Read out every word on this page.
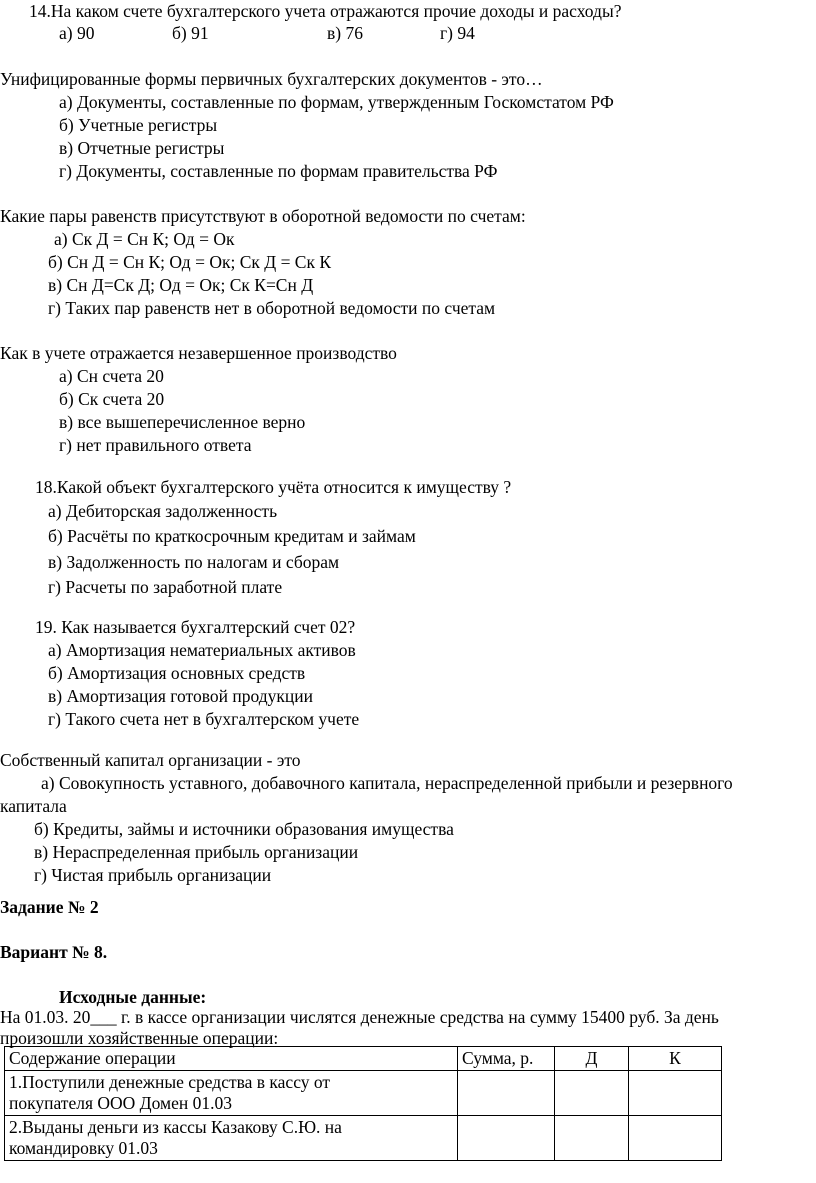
14.На каком счете бухгалтерского учета отражаются прочие доходы и расходы?
а) 90	б) 91	в) 76	г) 94
Унифицированные формы первичных бухгалтерских документов - это…
а) Документы, составленные по формам, утвержденным Госкомстатом РФ
б) Учетные регистры
в) Отчетные регистры
г) Документы, составленные по формам правительства РФ
Какие пары равенств присутствуют в оборотной ведомости по счетам:
а) Ск Д = Сн К; Од = Ок
б) Сн Д = Сн К; Од = Ок; Ск Д = Ск К
в) Сн Д=Ск Д; Од = Ок; Ск К=Сн Д
г) Таких пар равенств нет в оборотной ведомости по счетам
Как в учете отражается незавершенное производство
а) Сн счета 20
б) Ск счета 20
в) все вышеперечисленное верно
г) нет правильного ответа
18.Какой объект бухгалтерского учёта относится к имуществу ?
а) Дебиторская задолженность
б) Расчёты по краткосрочным кредитам и займам
в) Задолженность по налогам и сборам
г) Расчеты по заработной плате
19. Как называется бухгалтерский счет 02?
а) Амортизация нематериальных активов
б) Амортизация основных средств
в) Амортизация готовой продукции
г) Такого счета нет в бухгалтерском учете
Собственный капитал организации - это
а) Совокупность уставного, добавочного капитала, нераспределенной прибыли и резервного
капитала
б) Кредиты, займы и источники образования имущества
в) Нераспределенная прибыль организации
г) Чистая прибыль организации
Задание № 2
Вариант № 8.
Исходные данные:
На 01.03. 20___ г. в кассе организации числятся денежные средства на сумму 15400 руб. За день
произошли хозяйственные операции:
Содержание операции	Сумма, р.	Д	К

1.Поступили денежные средства в кассу от
покупателя ООО Домен 01.03			

2.Выданы деньги из кассы Казакову С.Ю. на
командировку 01.03			
